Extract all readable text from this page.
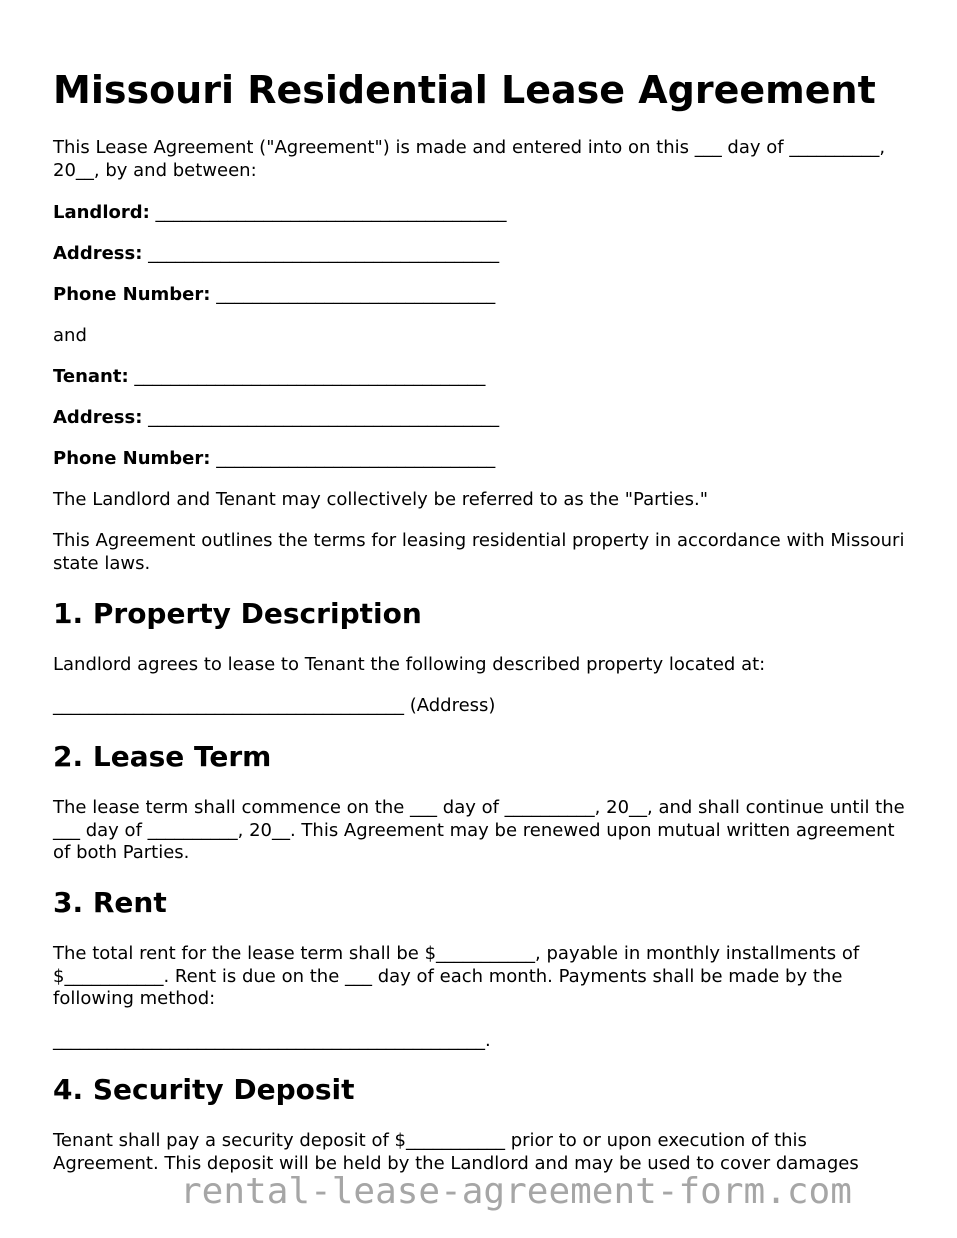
Missouri Residential Lease Agreement

This Lease Agreement ("Agreement") is made and entered into on this ___ day of __________, 20__, by and between:

Landlord: _______________________________________

Address: _______________________________________

Phone Number: _______________________________

and

Tenant: _______________________________________

Address: _______________________________________

Phone Number: _______________________________

The Landlord and Tenant may collectively be referred to as the "Parties."

This Agreement outlines the terms for leasing residential property in accordance with Missouri state laws.

1. Property Description

Landlord agrees to lease to Tenant the following described property located at:

_______________________________________ (Address)

2. Lease Term

The lease term shall commence on the ___ day of __________, 20__, and shall continue until the ___ day of __________, 20__. This Agreement may be renewed upon mutual written agreement of both Parties.

3. Rent

The total rent for the lease term shall be $___________, payable in monthly installments of $___________. Rent is due on the ___ day of each month. Payments shall be made by the following method:

________________________________________________.

4. Security Deposit

Tenant shall pay a security deposit of $___________ prior to or upon execution of this Agreement. This deposit will be held by the Landlord and may be used to cover damages

rental-lease-agreement-form.com
